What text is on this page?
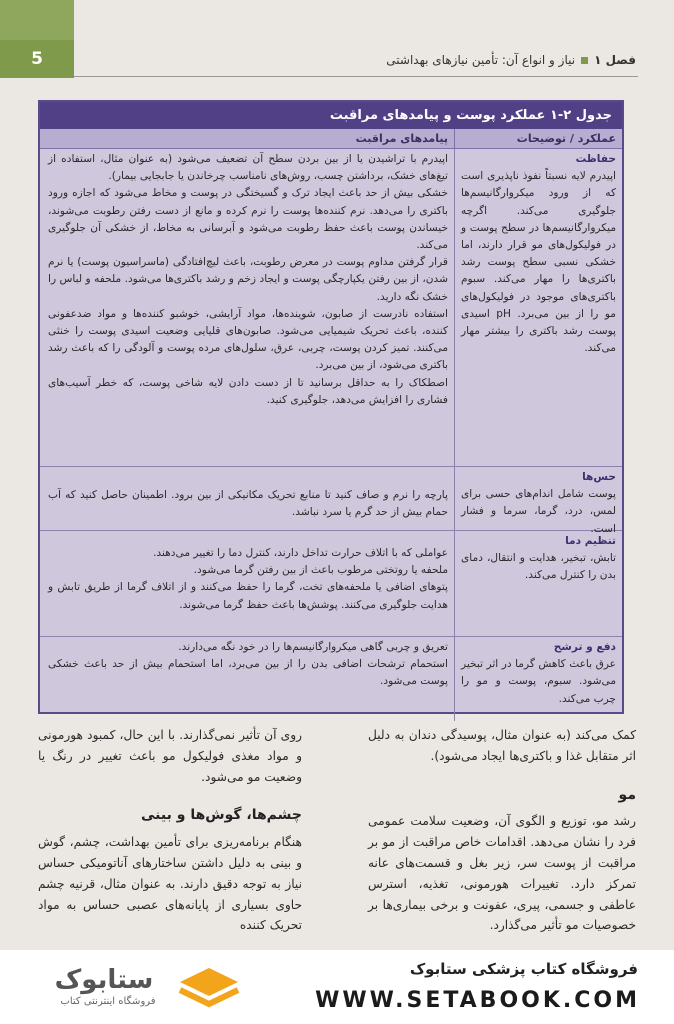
5	فصل ۱
نیاز و انواع آن: تأمین نیازهای بهداشتی
جدول ۲-۱ عملکرد پوست و پیامدهای مراقبت
عملکرد / توضیحات
پیامدهای مراقبت
حفاظت
اپیدرم لایه نسبتاً نفوذ ناپذیری است که از ورود میکروارگانیسم‌ها جلوگیری می‌کند. اگرچه میکروارگانیسم‌ها در سطح پوست و در فولیکول‌های مو قرار دارند، اما خشکی نسبی سطح پوست رشد باکتری‌ها را مهار می‌کند. سبوم باکتری‌های موجود در فولیکول‌های مو را از بین می‌برد. pH اسیدی پوست رشد باکتری را بیشتر مهار می‌کند.

اپیدرم با تراشیدن یا از بین بردن سطح آن تضعیف می‌شود (به عنوان مثال، استفاده از تیغ‌های خشک، برداشتن چسب، روش‌های نامناسب چرخاندن یا جابجایی بیمار).

خشکی بیش از حد باعث ایجاد ترک و گسیختگی در پوست و مخاط می‌شود که اجازه ورود باکتری را می‌دهد. نرم کننده‌ها پوست را نرم کرده و مانع از دست رفتن رطوبت می‌شوند، خیساندن پوست باعث حفظ رطوبت می‌شود و آبرسانی به مخاط، از خشکی آن جلوگیری می‌کند.

قرار گرفتن مداوم پوست در معرض رطوبت، باعث لیچ‌افتادگی (ماسراسیون پوست) یا نرم شدن، از بین رفتن یکپارچگی پوست و ایجاد زخم و رشد باکتری‌ها می‌شود. ملحفه و لباس را خشک نگه دارید.

استفاده نادرست از صابون، شوینده‌ها، مواد آرایشی، خوشبو کننده‌ها و مواد ضدعفونی کننده، باعث تحریک شیمیایی می‌شود. صابون‌های قلیایی وضعیت اسیدی پوست را خنثی می‌کنند. تمیز کردن پوست، چربی، عرق، سلول‌های مرده پوست و آلودگی را که باعث رشد باکتری می‌شود، از بین می‌برد.

اصطکاک را به حداقل برسانید تا از دست دادن لایه شاخی پوست، که خطر آسیب‌های فشاری را افزایش می‌دهد، جلوگیری کنید.

حس‌ها
پوست شامل اندام‌های حسی برای لمس، درد، گرما، سرما و فشار است.

پارچه را نرم و صاف کنید تا منابع تحریک مکانیکی از بین برود. اطمینان حاصل کنید که آب حمام بیش از حد گرم یا سرد نباشد.

تنظیم دما
تابش، تبخیر، هدایت و انتقال، دمای بدن را کنترل می‌کند.

عواملی که با اتلاف حرارت تداخل دارند، کنترل دما را تغییر می‌دهند.

ملحفه یا روتختی مرطوب باعث از بین رفتن گرما می‌شود.

پتوهای اضافی یا ملحفه‌های تخت، گرما را حفظ می‌کنند و از اتلاف گرما از طریق تابش و هدایت جلوگیری می‌کنند. پوشش‌ها باعث حفظ گرما می‌شوند.

دفع و ترشح
عرق باعث کاهش گرما در اثر تبخیر می‌شود. سبوم، پوست و مو را چرب می‌کند.

تعریق و چربی گاهی میکروارگانیسم‌ها را در خود نگه می‌دارند.

استحمام ترشحات اضافی بدن را از بین می‌برد، اما استحمام بیش از حد باعث خشکی پوست می‌شود.

کمک می‌کند (به عنوان مثال، پوسیدگی دندان به دلیل اثر متقابل غذا و باکتری‌ها ایجاد می‌شود).

مو

رشد مو، توزیع و الگوی آن، وضعیت سلامت عمومی فرد را نشان می‌دهد. اقدامات خاص مراقبت از مو بر مراقبت از پوست سر، زیر بغل و قسمت‌های عانه تمرکز دارد. تغییرات هورمونی، تغذیه، استرس عاطفی و جسمی، پیری، عفونت و برخی بیماری‌ها بر خصوصیات مو تأثیر می‌گذارد.

روی آن تأثیر نمی‌گذارند. با این حال، کمبود هورمونی و مواد مغذی فولیکول مو باعث تغییر در رنگ یا وضعیت مو می‌شود.

چشم‌ها، گوش‌ها و بینی

هنگام برنامه‌ریزی برای تأمین بهداشت، چشم، گوش و بینی به دلیل داشتن ساختارهای آناتومیکی حساس نیاز به توجه دقیق دارند. به عنوان مثال، قرنیه چشم حاوی بسیاری از پایانه‌های عصبی حساس به مواد تحریک کننده

ستابوک
فروشگاه اینترنتی کتاب
فروشگاه کتاب پزشکی ستابوک
WWW.SETABOOK.COM
